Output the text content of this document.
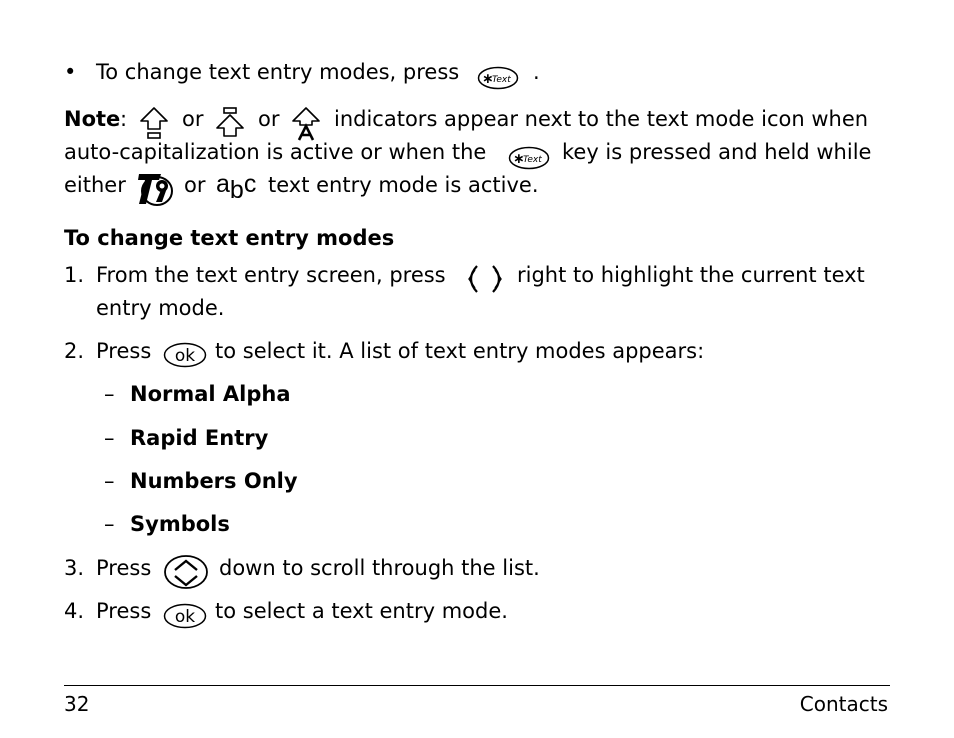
• To change text entry modes, press ∗
Text .
Note :	or	or	indicators appear next to the text mode icon when
auto-capitalization is active or when the ∗
Text key is pressed and held while
either	or abc text entry mode is active.
To change text entry modes
1. From the text entry screen, press	right to highlight the current text
entry mode.
2. Press ok to select it. A list of text entry modes appears:
– Normal Alpha
– Rapid Entry
– Numbers Only
– Symbols
3. Press	down to scroll through the list.
4. Press ok to select a text entry mode.
32	Contacts
